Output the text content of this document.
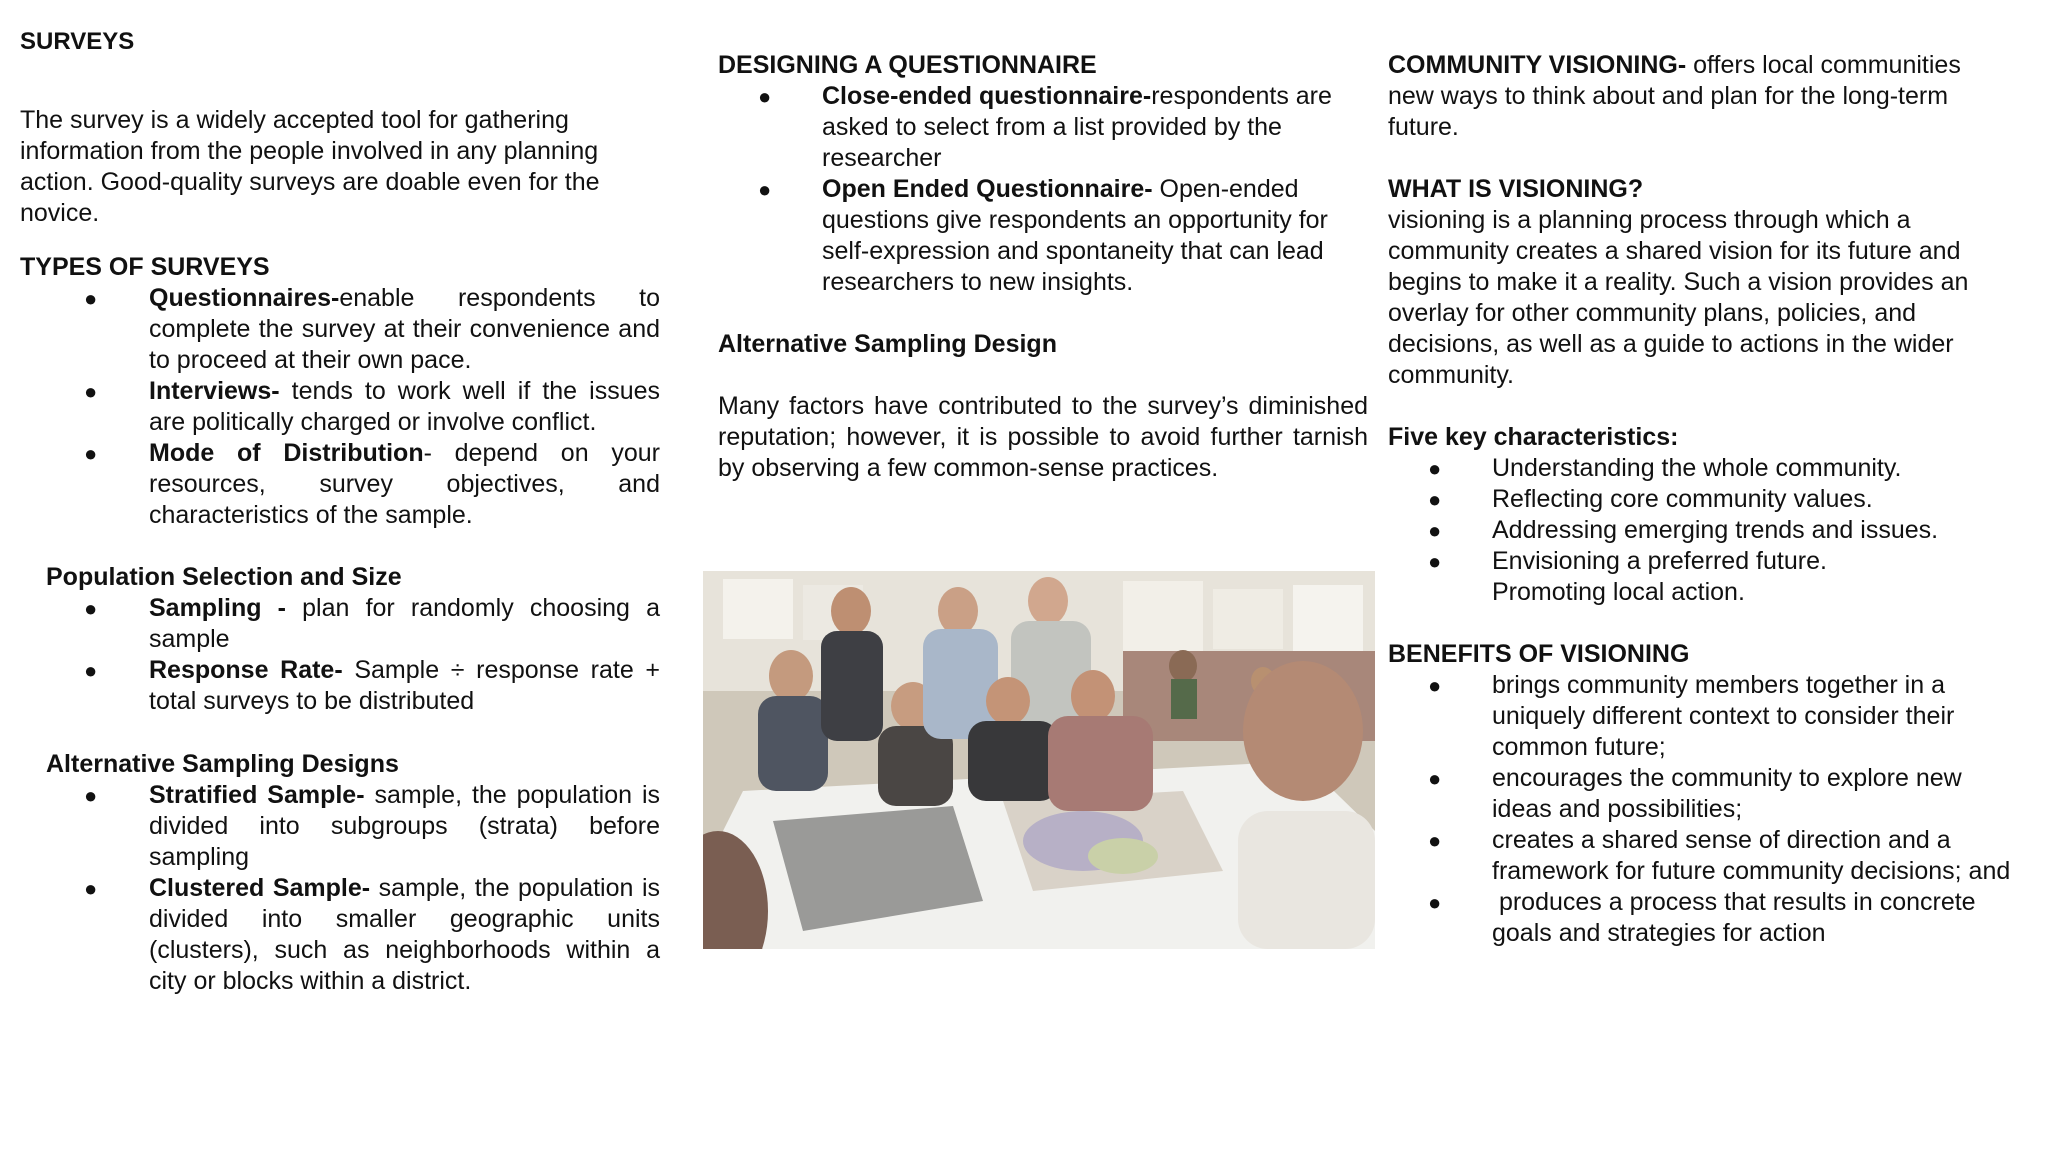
SURVEYS
The survey is a widely accepted tool for gathering information from the people involved in any planning action. Good-quality surveys are doable even for the novice.
TYPES OF SURVEYS
● Questionnaires-enable respondents to complete the survey at their convenience and to proceed at their own pace.
● Interviews- tends to work well if the issues are politically charged or involve conflict.
● Mode of Distribution- depend on your resources, survey objectives, and characteristics of the sample.
Population Selection and Size
● Sampling - plan for randomly choosing a sample
● Response Rate- Sample ÷ response rate + total surveys to be distributed
Alternative Sampling Designs
● Stratified Sample- sample, the population is divided into subgroups (strata) before sampling
● Clustered Sample- sample, the population is divided into smaller geographic units (clusters), such as neighborhoods within a city or blocks within a district.
DESIGNING A QUESTIONNAIRE
● Close-ended questionnaire-respondents are asked to select from a list provided by the researcher
● Open Ended Questionnaire- Open-ended questions give respondents an opportunity for self-expression and spontaneity that can lead researchers to new insights.
Alternative Sampling Design
Many factors have contributed to the survey’s diminished reputation; however, it is possible to avoid further tarnish by observing a few common-sense practices.
COMMUNITY VISIONING- offers local communities new ways to think about and plan for the long-term future.
WHAT IS VISIONING?
visioning is a planning process through which a community creates a shared vision for its future and begins to make it a reality. Such a vision provides an overlay for other community plans, policies, and decisions, as well as a guide to actions in the wider community.
Five key characteristics:
● Understanding the whole community.
● Reflecting core community values.
● Addressing emerging trends and issues.
● Envisioning a preferred future.
Promoting local action.
BENEFITS OF VISIONING
● brings community members together in a uniquely different context to consider their common future;
● encourages the community to explore new ideas and possibilities;
● creates a shared sense of direction and a framework for future community decisions; and
● produces a process that results in concrete goals and strategies for action
